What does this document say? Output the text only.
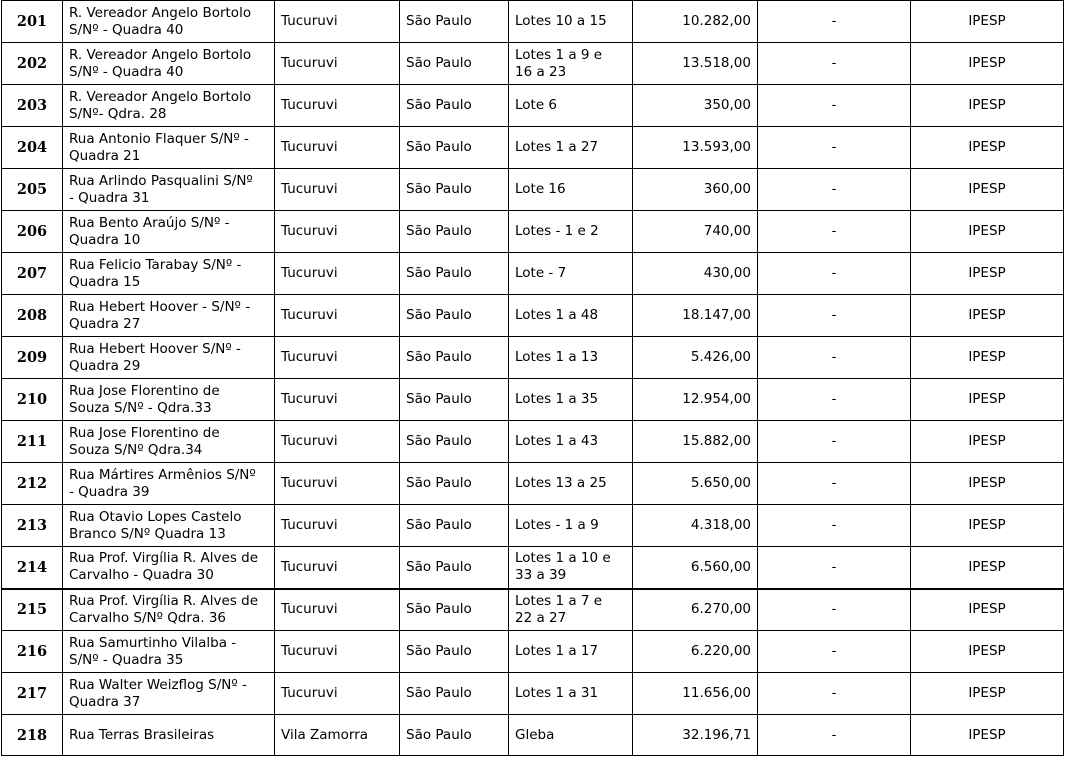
201	R. Vereador Angelo Bortolo
S/Nº - Quadra 40	Tucuruvi	São Paulo	Lotes 10 a 15	10.282,00	-	IPESP
202	R. Vereador Angelo Bortolo
S/Nº - Quadra 40	Tucuruvi	São Paulo	Lotes 1 a 9 e
16 a 23	13.518,00	-	IPESP
203	R. Vereador Angelo Bortolo
S/Nº- Qdra. 28	Tucuruvi	São Paulo	Lote 6	350,00	-	IPESP
204	Rua Antonio Flaquer S/Nº -
Quadra 21	Tucuruvi	São Paulo	Lotes 1 a 27	13.593,00	-	IPESP
205	Rua Arlindo Pasqualini S/Nº
- Quadra 31	Tucuruvi	São Paulo	Lote 16	360,00	-	IPESP
206	Rua Bento Araújo S/Nº -
Quadra 10	Tucuruvi	São Paulo	Lotes - 1 e 2	740,00	-	IPESP
207	Rua Felicio Tarabay S/Nº -
Quadra 15	Tucuruvi	São Paulo	Lote - 7	430,00	-	IPESP
208	Rua Hebert Hoover - S/Nº -
Quadra 27	Tucuruvi	São Paulo	Lotes 1 a 48	18.147,00	-	IPESP
209	Rua Hebert Hoover S/Nº -
Quadra 29	Tucuruvi	São Paulo	Lotes 1 a 13	5.426,00	-	IPESP
210	Rua Jose Florentino de
Souza S/Nº - Qdra.33	Tucuruvi	São Paulo	Lotes 1 a 35	12.954,00	-	IPESP
211	Rua Jose Florentino de
Souza S/Nº Qdra.34	Tucuruvi	São Paulo	Lotes 1 a 43	15.882,00	-	IPESP
212	Rua Mártires Armênios S/Nº
- Quadra 39	Tucuruvi	São Paulo	Lotes 13 a 25	5.650,00	-	IPESP
213	Rua Otavio Lopes Castelo
Branco S/Nº Quadra 13	Tucuruvi	São Paulo	Lotes - 1 a 9	4.318,00	-	IPESP
214	Rua Prof. Virgília R. Alves de
Carvalho - Quadra 30	Tucuruvi	São Paulo	Lotes 1 a 10 e
33 a 39	6.560,00	-	IPESP
215	Rua Prof. Virgília R. Alves de
Carvalho S/Nº Qdra. 36	Tucuruvi	São Paulo	Lotes 1 a 7 e
22 a 27	6.270,00	-	IPESP
216	Rua Samurtinho Vilalba -
S/Nº - Quadra 35	Tucuruvi	São Paulo	Lotes 1 a 17	6.220,00	-	IPESP
217	Rua Walter Weizflog S/Nº -
Quadra 37	Tucuruvi	São Paulo	Lotes 1 a 31	11.656,00	-	IPESP
218	Rua Terras Brasileiras	Vila Zamorra	São Paulo	Gleba	32.196,71	-	IPESP
